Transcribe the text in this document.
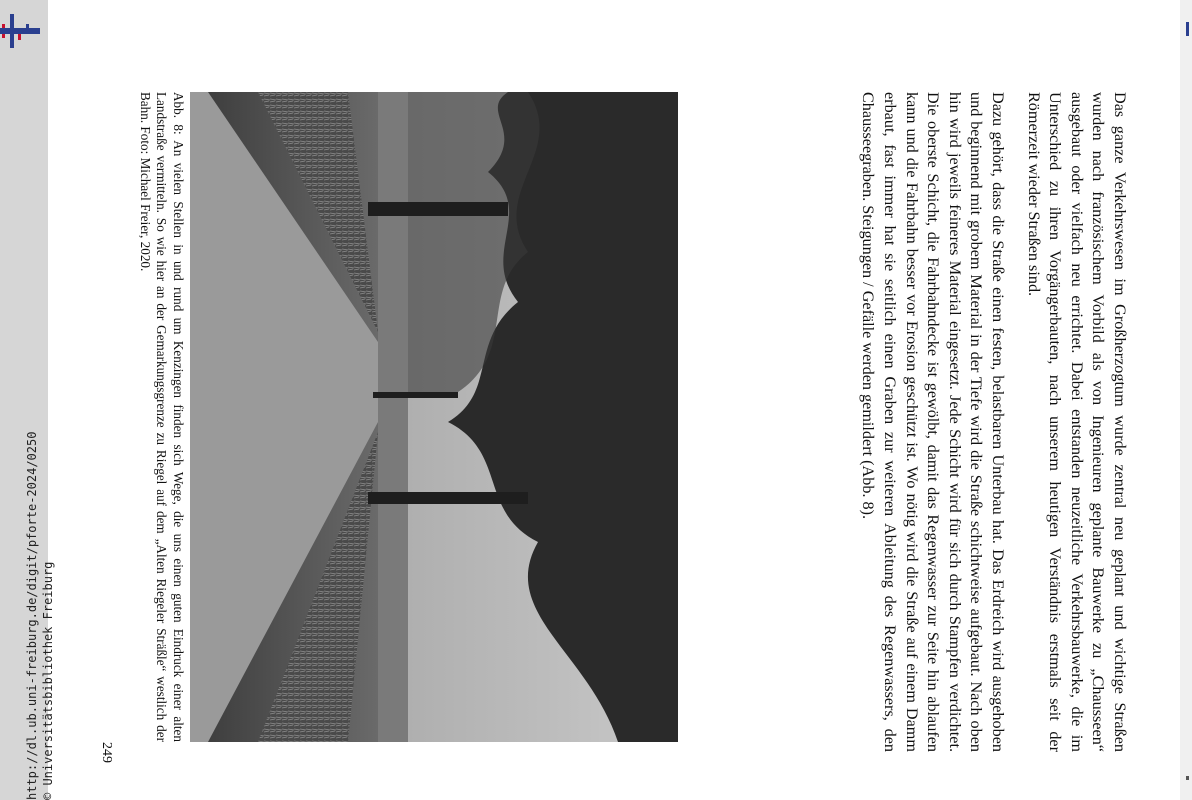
http://dl.ub.uni-freiburg.de/digit/pforte-2024/0250 © Universitätsbibliothek Freiburg	Das ganze Verkehrswesen im Großherzogtum wurde zentral neu geplant und wichtige Straßen wurden nach französischem Vorbild als von Ingenieuren geplante Bauwerke zu „Chausseen“ ausgebaut oder vielfach neu errichtet. Dabei entstanden neuzeitliche Verkehrsbauwerke, die im Unterschied zu ihren Vorgängerbauten, nach unserem heutigen Verständnis erstmals seit der Römerzeit wieder Straßen sind.

Dazu gehört, dass die Straße einen festen, belastbaren Unterbau hat. Das Erdreich wird ausgehoben und beginnend mit grobem Material in der Tiefe wird die Straße schichtweise aufgebaut. Nach oben hin wird jeweils feineres Material eingesetzt. Jede Schicht wird für sich durch Stampfen verdichtet. Die oberste Schicht, die Fahrbahndecke ist gewölbt, damit das Regenwasser zur Seite hin ablaufen kann und die Fahrbahn besser vor Erosion geschützt ist. Wo nötig wird die Straße auf einem Damm erbaut, fast immer hat sie seitlich einen Graben zur weiteren Ableitung des Regenwassers, den Chausseegraben. Steigungen / Gefälle werden gemildert (Abb. 8).

Abb. 8: An vielen Stellen in und rund um Kenzingen finden sich Wege, die uns einen guten Eindruck einer alten Landstraße vermitteln. So wie hier an der Gemarkungsgrenze zu Riegel auf dem „Alten Riegeler Sträßle“ westlich der Bahn. Foto: Michael Freier, 2020.
249
